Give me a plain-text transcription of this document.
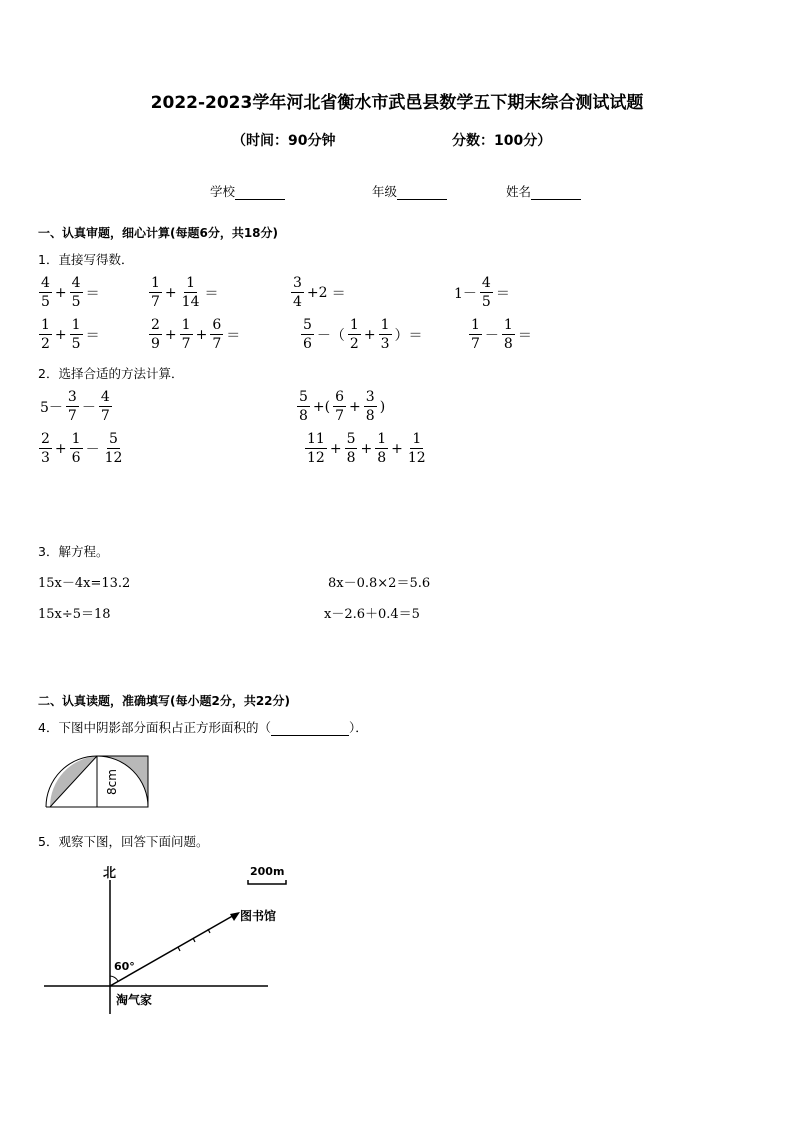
2022-2023学年河北省衡水市武邑县数学五下期末综合测试试题
（时间：90分钟	分数：100分）
学校	年级	姓名
一、认真审题，细心计算(每题6分，共18分)
1．直接写得数．
$\frac{4}{5} + \frac{4}{5}$ ＝	$\frac{1}{7} + \frac{1}{14}$ ＝	$\frac{3}{4} +2$ ＝	$1- \frac{4}{5}$ ＝
$\frac{1}{2} + \frac{1}{5}$ ＝	$\frac{2}{9} + \frac{1}{7} + \frac{6}{7}$ ＝	$\frac{5}{6}$ －（ $\frac{1}{2} + \frac{1}{3}$ ）＝	$\frac{1}{7} - \frac{1}{8}$ ＝
2．选择合适的方法计算．
$5- \frac{3}{7} - \frac{4}{7}$	$\frac{5}{8}$ +( $\frac{6}{7} + \frac{3}{8}$ )
$\frac{2}{3} + \frac{1}{6} - \frac{5}{12}$	$\frac{11}{12} + \frac{5}{8} + \frac{1}{8} + \frac{1}{12}$
3．解方程。
15x－4x=13.2	8x－0.8×2＝5.6
15x÷5＝18	x－2.6＋0.4＝5
二、认真读题，准确填写(每小题2分，共22分)
4．下图中阴影部分面积占正方形面积的（	）．
8cm
5．观察下图，回答下面问题。
北	200m
图书馆
60°
淘气家
